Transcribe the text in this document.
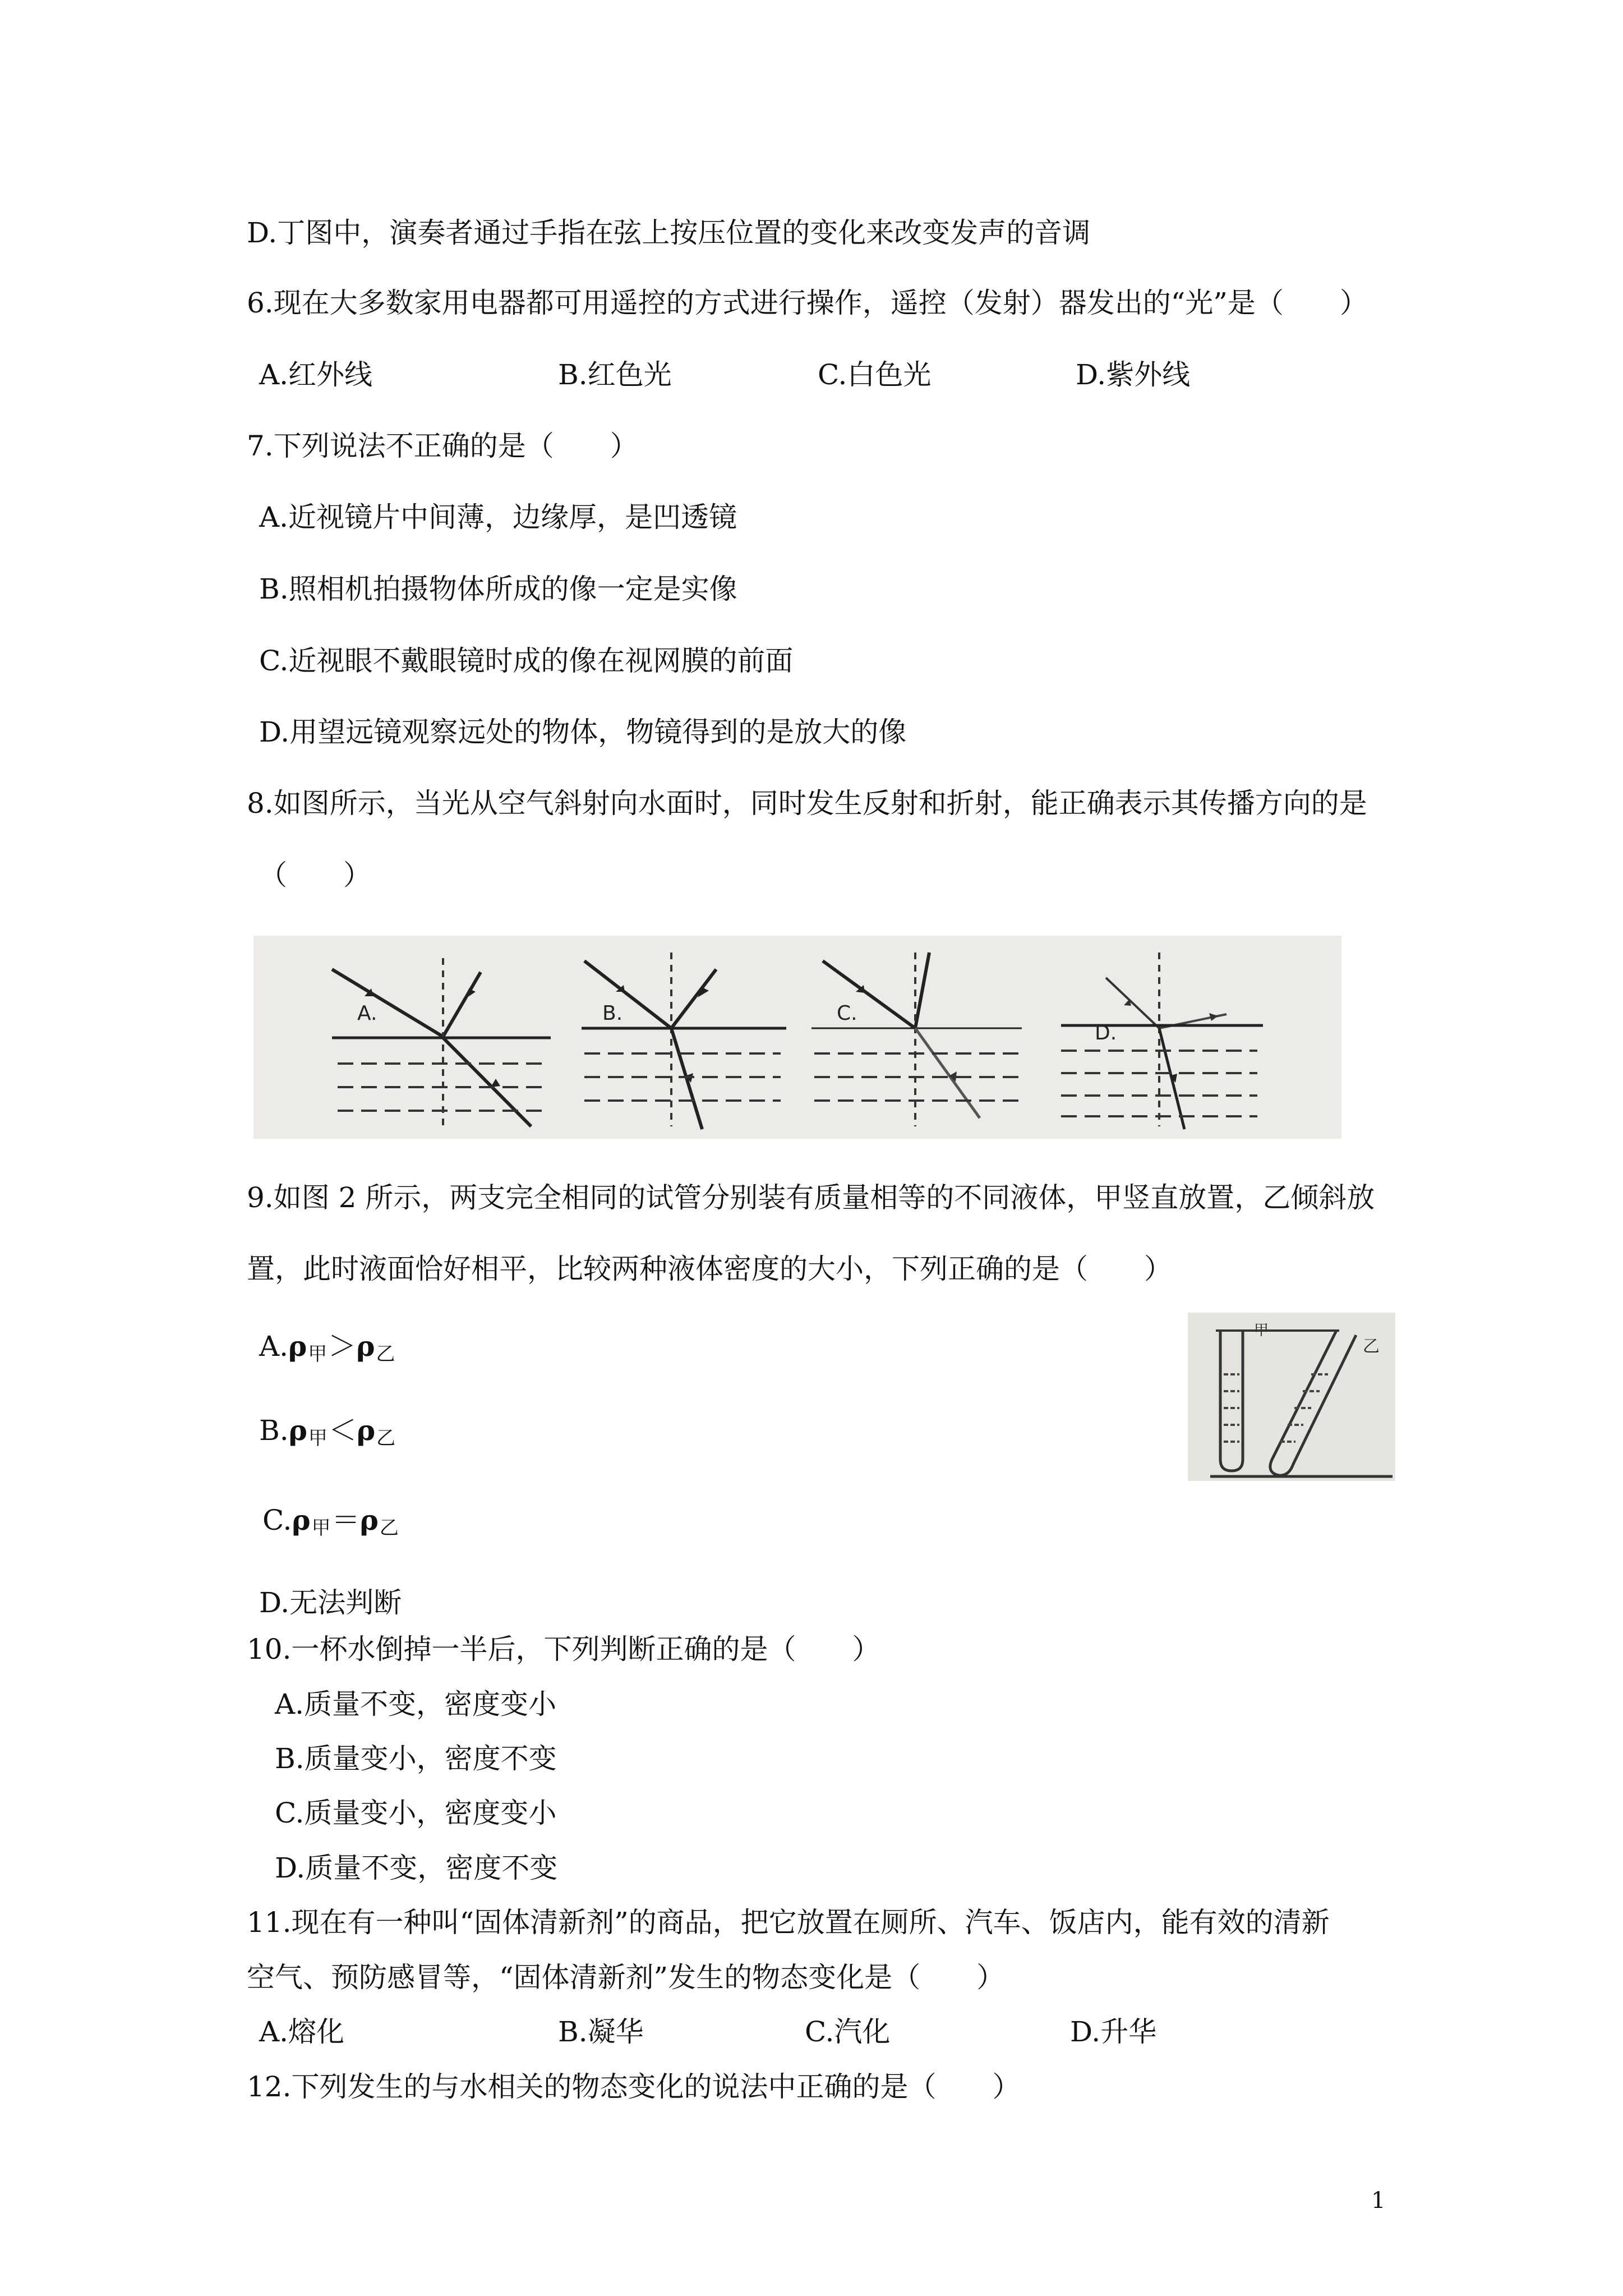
D.丁图中，演奏者通过手指在弦上按压位置的变化来改变发声的音调
6.现在大多数家用电器都可用遥控的方式进行操作，遥控（发射）器发出的“光”是（　　）
A.红外线	B.红色光	C.白色光	D.紫外线
7.下列说法不正确的是（　　）
A.近视镜片中间薄，边缘厚，是凹透镜
B.照相机拍摄物体所成的像一定是实像
C.近视眼不戴眼镜时成的像在视网膜的前面
D.用望远镜观察远处的物体，物镜得到的是放大的像
8.如图所示，当光从空气斜射向水面时，同时发生反射和折射，能正确表示其传播方向的是
（　　）
A.	B.	C.
D.
9.如图 2 所示，两支完全相同的试管分别装有质量相等的不同液体，甲竖直放置，乙倾斜放
置，此时液面恰好相平，比较两种液体密度的大小，下列正确的是（　　）
A.ρ甲＞ρ乙
B.ρ甲＜ρ乙
C.ρ甲＝ρ乙
D.无法判断
甲
乙
10.一杯水倒掉一半后，下列判断正确的是（　　）
A.质量不变，密度变小
B.质量变小，密度不变
C.质量变小，密度变小
D.质量不变，密度不变
11.现在有一种叫“固体清新剂”的商品，把它放置在厕所、汽车、饭店内，能有效的清新
空气、预防感冒等，“固体清新剂”发生的物态变化是（　　）
A.熔化	B.凝华	C.汽化	D.升华
12.下列发生的与水相关的物态变化的说法中正确的是（　　）
1
